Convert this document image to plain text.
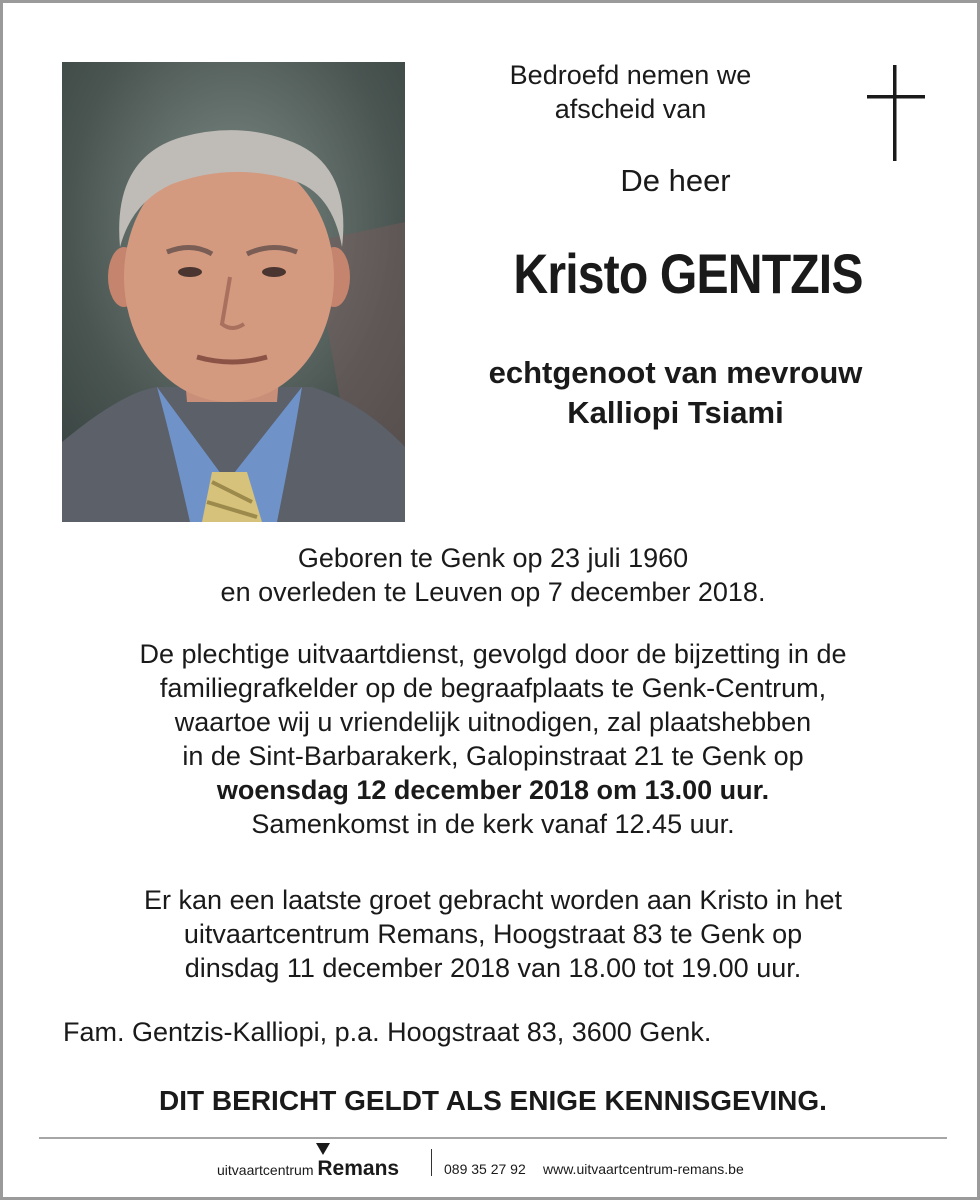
Bedroefd nemen we
afscheid van
De heer
Kristo GENTZIS
echtgenoot van mevrouw
Kalliopi Tsiami
Geboren te Genk op 23 juli 1960
en overleden te Leuven op 7 december 2018.
De plechtige uitvaartdienst, gevolgd door de bijzetting in de
familiegrafkelder op de begraafplaats te Genk-Centrum,
waartoe wij u vriendelijk uitnodigen, zal plaatshebben
in de Sint-Barbarakerk, Galopinstraat 21 te Genk op
woensdag 12 december 2018 om 13.00 uur.
Samenkomst in de kerk vanaf 12.45 uur.
Er kan een laatste groet gebracht worden aan Kristo in het
uitvaartcentrum Remans, Hoogstraat 83 te Genk op
dinsdag 11 december 2018 van 18.00 tot 19.00 uur.
Fam. Gentzis-Kalliopi, p.a. Hoogstraat 83, 3600 Genk.
DIT BERICHT GELDT ALS ENIGE KENNISGEVING.
uitvaartcentrum Remans	089 35 27 92 www.uitvaartcentrum-remans.be
